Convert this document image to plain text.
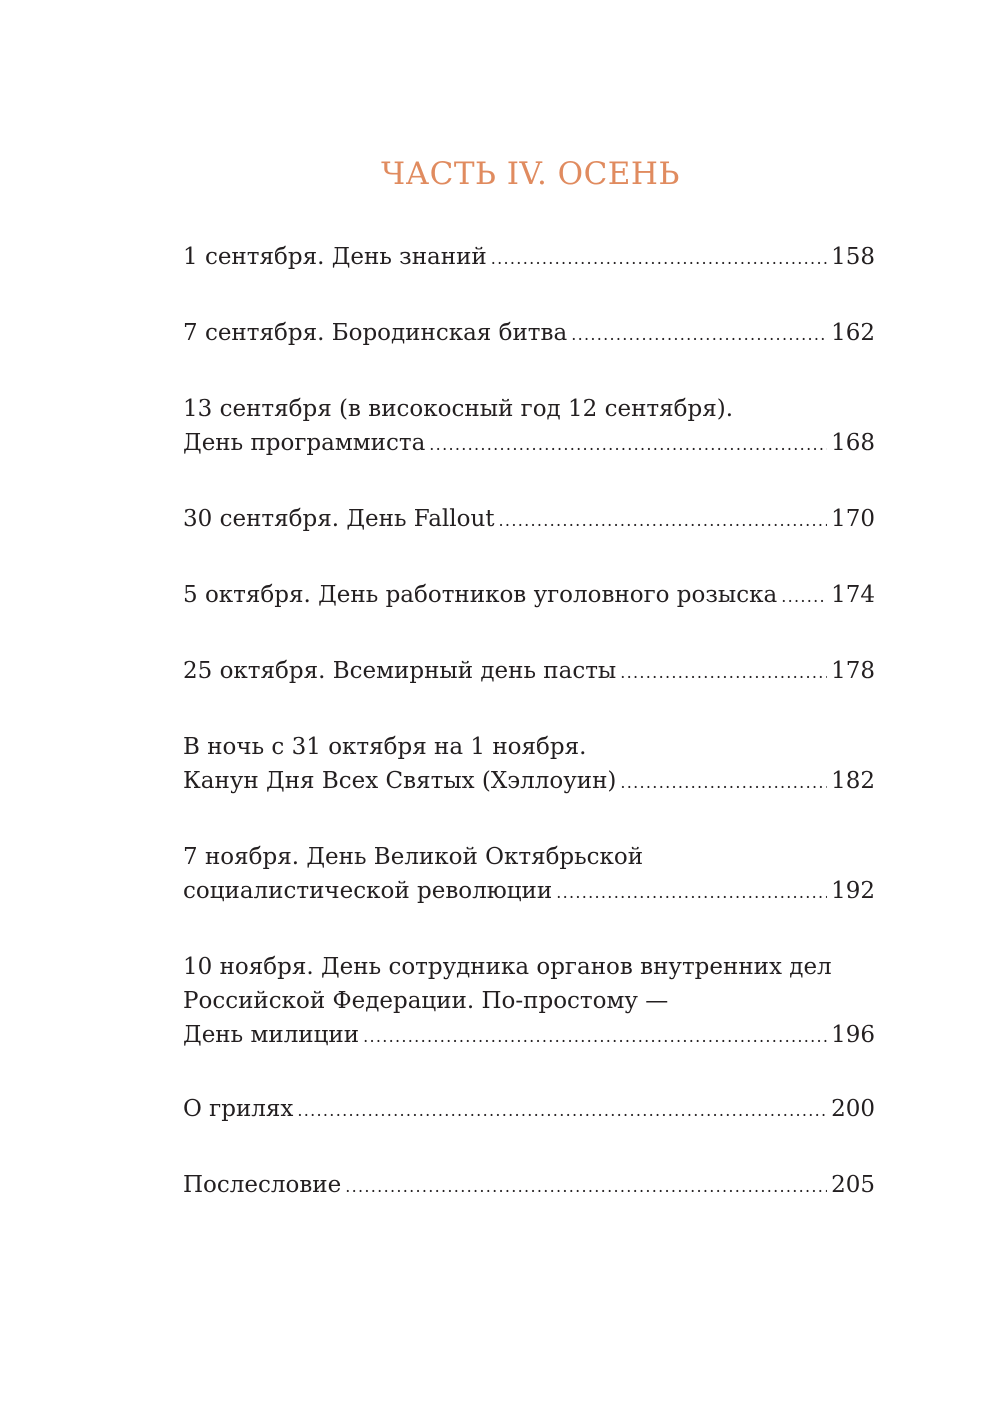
ЧАСТЬ IV. ОСЕНЬ
1 сентября. День знаний .....	158
7 сентября. Бородинская битва .....	162
13 сентября (в високосный год 12 сентября).
День программиста .....	168
30 сентября. День Fallout .....	170
5 октября. День работников уголовного розыска ..... 174
25 октября. Всемирный день пасты .....	178
В ночь с 31 октября на 1 ноября.
Канун Дня Всех Святых (Хэллоуин) .....	182
7 ноября. День Великой Октябрьской
социалистической революции .....	192
10 ноября. День сотрудника органов внутренних дел
Российской Федерации. По-простому —
День милиции .....	196
О грилях .....	200
Послесловие .....	205
